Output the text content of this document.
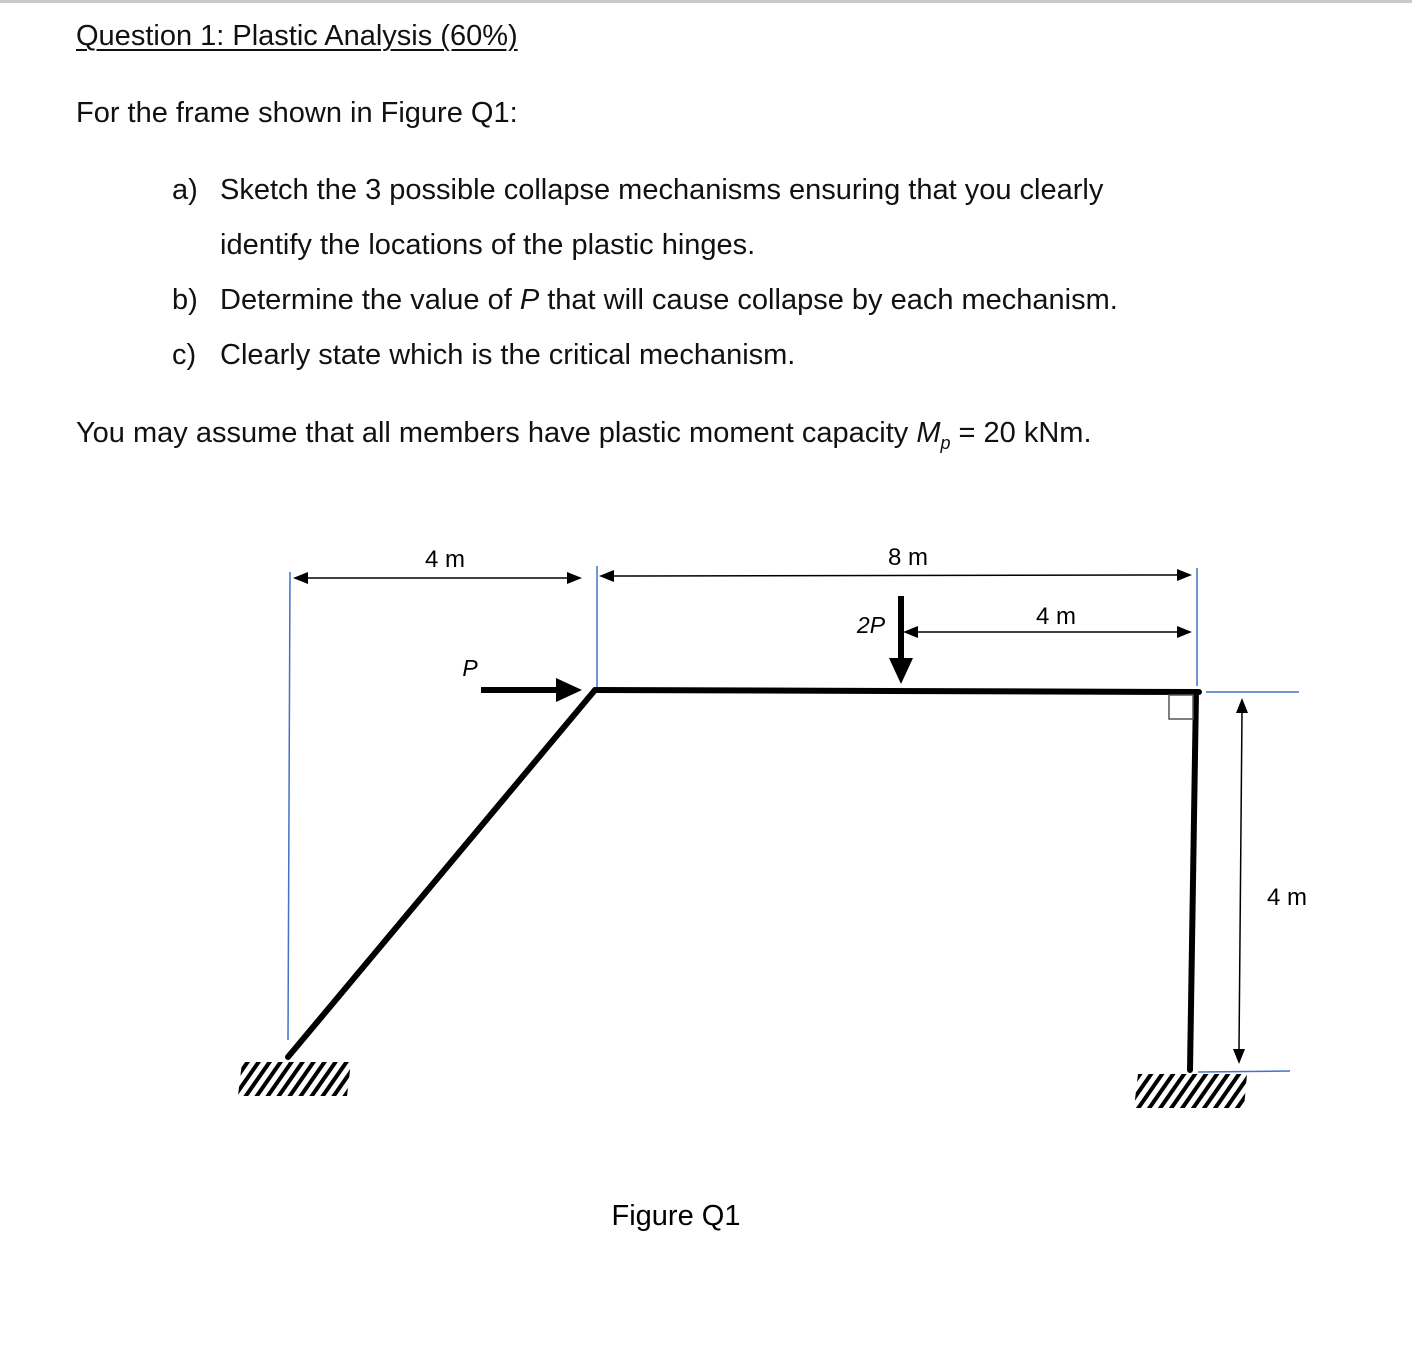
Question 1: Plastic Analysis (60%)
For the frame shown in Figure Q1:
a) Sketch the 3 possible collapse mechanisms ensuring that you clearly
identify the locations of the plastic hinges.
b) Determine the value of P that will cause collapse by each mechanism.
c) Clearly state which is the critical mechanism.
You may assume that all members have plastic moment capacity $M_p = 20$ kNm.
4 m	8 m
4 m
4 m
P
2P
Figure Q1
